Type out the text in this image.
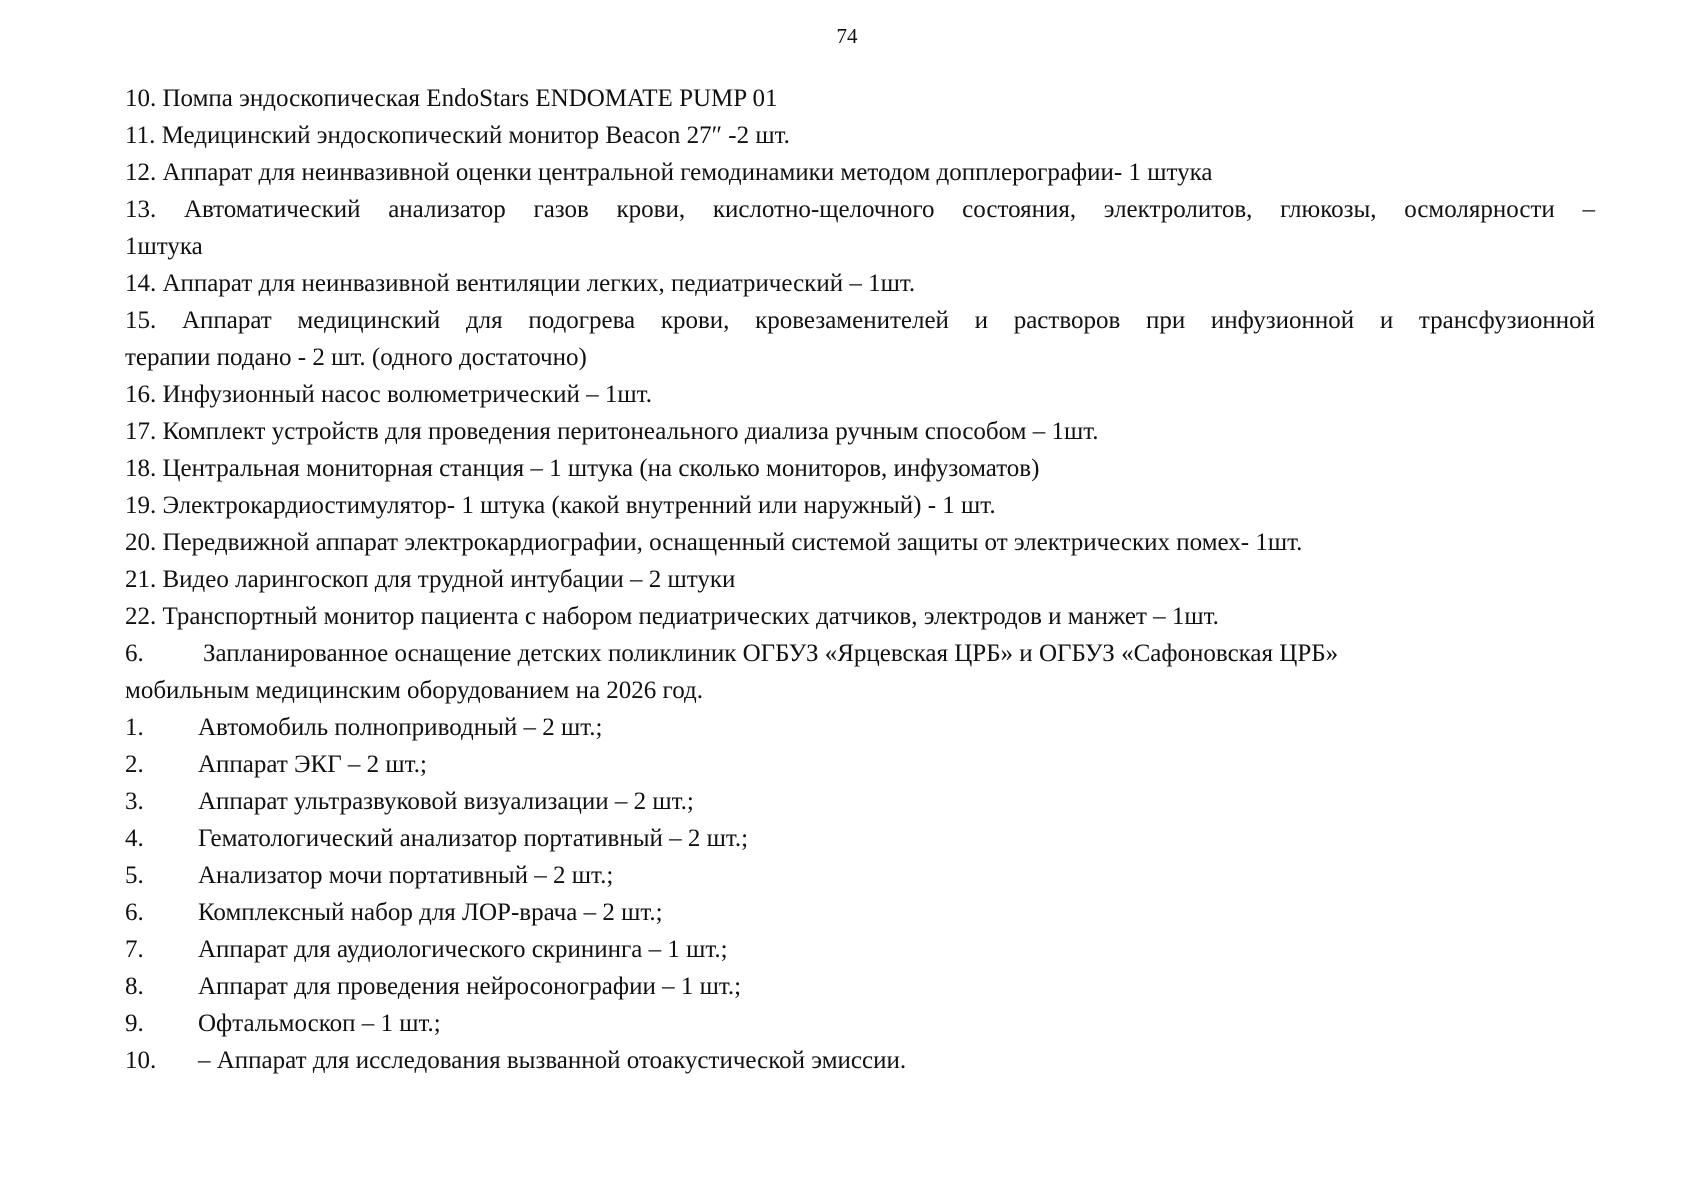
74
10. Помпа эндоскопическая EndoStars ENDOMATE PUMP 01
11. Медицинский эндоскопический монитор Beacon 27″ -2 шт.
12. Аппарат для неинвазивной оценки центральной гемодинамики методом допплерографии- 1 штука
13. Автоматический анализатор газов крови, кислотно-щелочного состояния, электролитов, глюкозы, осмолярности –
1штука
14. Аппарат для неинвазивной вентиляции легких, педиатрический – 1шт.
15. Аппарат медицинский для подогрева крови, кровезаменителей и растворов при инфузионной и трансфузионной
терапии подано - 2 шт. (одного достаточно)
16. Инфузионный насос волюметрический – 1шт.
17. Комплект устройств для проведения перитонеального диализа ручным способом – 1шт.
18. Центральная мониторная станция – 1 штука (на сколько мониторов, инфузоматов)
19. Электрокардиостимулятор- 1 штука (какой внутренний или наружный) - 1 шт.
20. Передвижной аппарат электрокардиографии, оснащенный системой защиты от электрических помех- 1шт.
21. Видео ларингоскоп для трудной интубации – 2 штуки
22. Транспортный монитор пациента с набором педиатрических датчиков, электродов и манжет – 1шт.
6.	Запланированное оснащение детских поликлиник ОГБУЗ «Ярцевская ЦРБ» и ОГБУЗ «Сафоновская ЦРБ»
мобильным медицинским оборудованием на 2026 год.
1.	Автомобиль полноприводный – 2 шт.;
2.	Аппарат ЭКГ – 2 шт.;
3.	Аппарат ультразвуковой визуализации – 2 шт.;
4.	Гематологический анализатор портативный – 2 шт.;
5.	Анализатор мочи портативный – 2 шт.;
6.	Комплексный набор для ЛОР-врача – 2 шт.;
7.	Аппарат для аудиологического скрининга – 1 шт.;
8.	Аппарат для проведения нейросонографии – 1 шт.;
9.	Офтальмоскоп – 1 шт.;
10.	– Аппарат для исследования вызванной отоакустической эмиссии.
